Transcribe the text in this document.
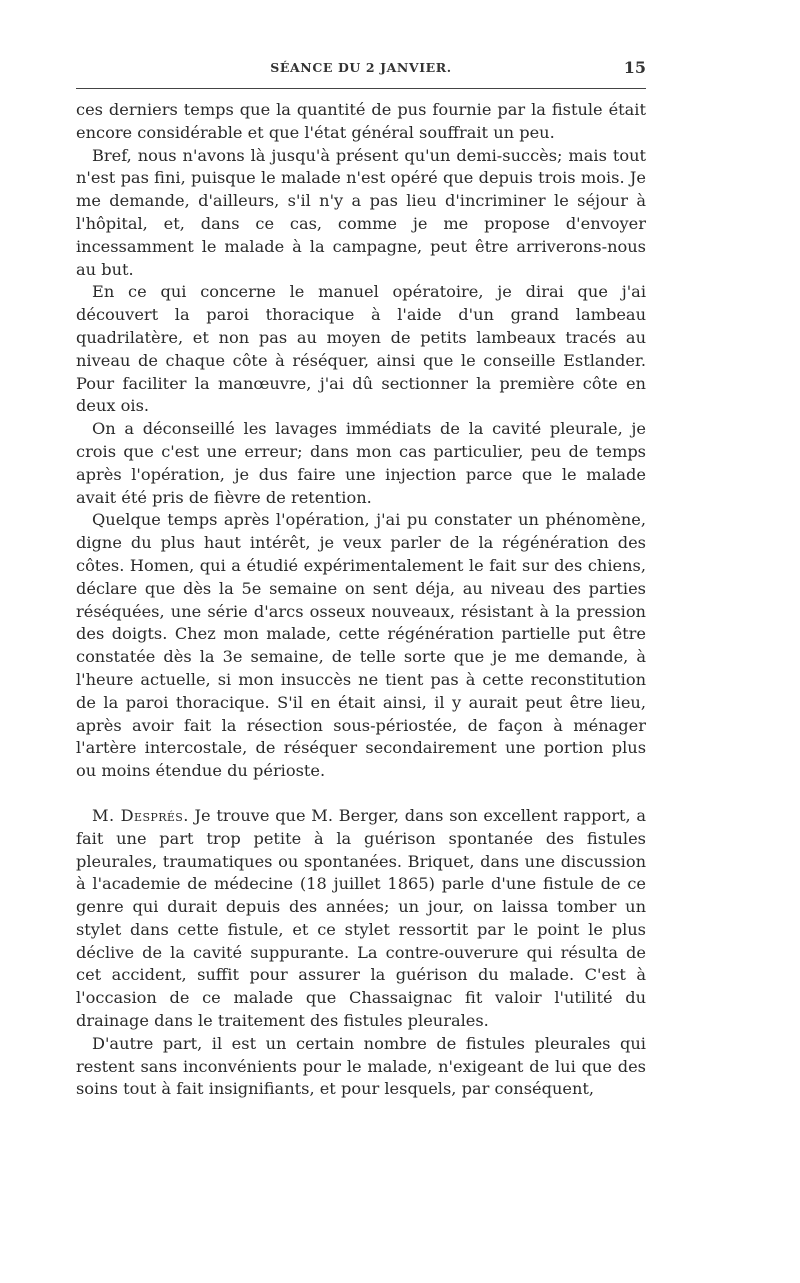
SÉANCE DU 2 JANVIER.	15

ces derniers temps que la quantité de pus fournie par la fistule était encore considérable et que l'état général souffrait un peu.

Bref, nous n'avons là jusqu'à présent qu'un demi-succès; mais tout n'est pas fini, puisque le malade n'est opéré que depuis trois mois. Je me demande, d'ailleurs, s'il n'y a pas lieu d'incriminer le séjour à l'hôpital, et, dans ce cas, comme je me propose d'envoyer incessamment le malade à la campagne, peut être arriverons-nous au but.

En ce qui concerne le manuel opératoire, je dirai que j'ai découvert la paroi thoracique à l'aide d'un grand lambeau quadrilatère, et non pas au moyen de petits lambeaux tracés au niveau de chaque côte à réséquer, ainsi que le conseille Estlander. Pour faciliter la manœuvre, j'ai dû sectionner la première côte en deux ois.

On a déconseillé les lavages immédiats de la cavité pleurale, je crois que c'est une erreur; dans mon cas particulier, peu de temps après l'opération, je dus faire une injection parce que le malade avait été pris de fièvre de retention.

Quelque temps après l'opération, j'ai pu constater un phénomène, digne du plus haut intérêt, je veux parler de la régénération des côtes. Homen, qui a étudié expérimentalement le fait sur des chiens, déclare que dès la 5e semaine on sent déja, au niveau des parties réséquées, une série d'arcs osseux nouveaux, résistant à la pression des doigts. Chez mon malade, cette régénération partielle put être constatée dès la 3e semaine, de telle sorte que je me demande, à l'heure actuelle, si mon insuccès ne tient pas à cette reconstitution de la paroi thoracique. S'il en était ainsi, il y aurait peut être lieu, après avoir fait la résection sous-périostée, de façon à ménager l'artère intercostale, de réséquer secondairement une portion plus ou moins étendue du périoste.

M. Després. Je trouve que M. Berger, dans son excellent rapport, a fait une part trop petite à la guérison spontanée des fistules pleurales, traumatiques ou spontanées. Briquet, dans une discussion à l'academie de médecine (18 juillet 1865) parle d'une fistule de ce genre qui durait depuis des années; un jour, on laissa tomber un stylet dans cette fistule, et ce stylet ressortit par le point le plus déclive de la cavité suppurante. La contre-ouverure qui résulta de cet accident, suffit pour assurer la guérison du malade. C'est à l'occasion de ce malade que Chassaignac fit valoir l'utilité du drainage dans le traitement des fistules pleurales.

D'autre part, il est un certain nombre de fistules pleurales qui restent sans inconvénients pour le malade, n'exigeant de lui que des soins tout à fait insignifiants, et pour lesquels, par conséquent,
